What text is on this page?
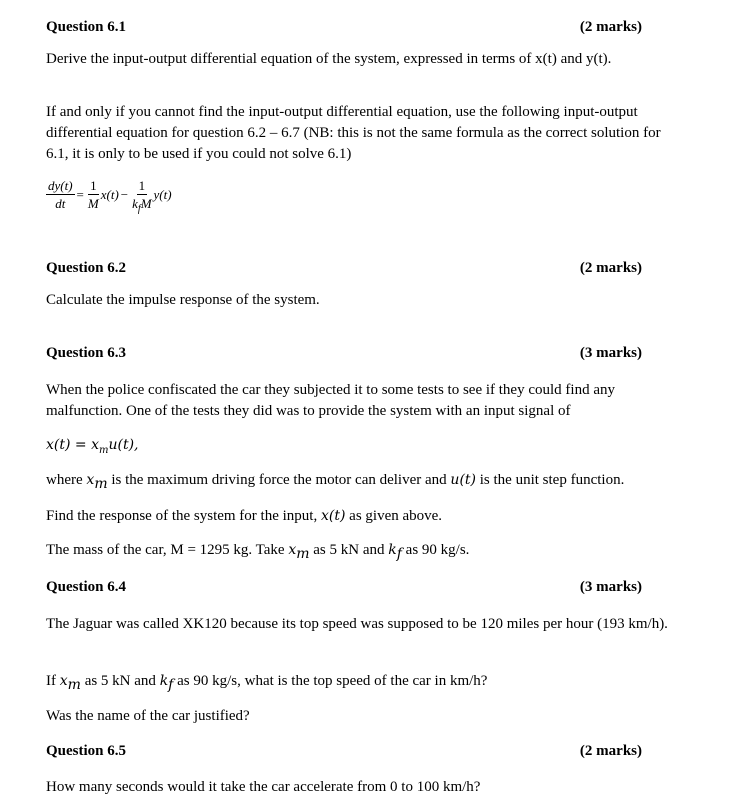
Question 6.1	(2 marks)
Derive the input-output differential equation of the system, expressed in terms of x(t) and y(t).
If and only if you cannot find the input-output differential equation, use the following input-output differential equation for question 6.2 – 6.7 (NB: this is not the same formula as the correct solution for 6.1, it is only to be used if you could not solve 6.1)
$\frac{dy(t)}{dt} = \frac{1}{M} x(t) - \frac{1}{k_fM} y(t)$
Question 6.2	(2 marks)
Calculate the impulse response of the system.
Question 6.3	(3 marks)
When the police confiscated the car they subjected it to some tests to see if they could find any malfunction. One of the tests they did was to provide the system with an input signal of
$x(t) = x_mu(t)$,
where $x_m$ is the maximum driving force the motor can deliver and u(t) is the unit step function.
Find the response of the system for the input, x(t) as given above.
The mass of the car, M = 1295 kg. Take $x_m$ as 5 kN and $k_f$ as 90 kg/s.
Question 6.4	(3 marks)
The Jaguar was called XK120 because its top speed was supposed to be 120 miles per hour (193 km/h).
If $x_m$ as 5 kN and $k_f$ as 90 kg/s, what is the top speed of the car in km/h?
Was the name of the car justified?
Question 6.5	(2 marks)
How many seconds would it take the car accelerate from 0 to 100 km/h?
